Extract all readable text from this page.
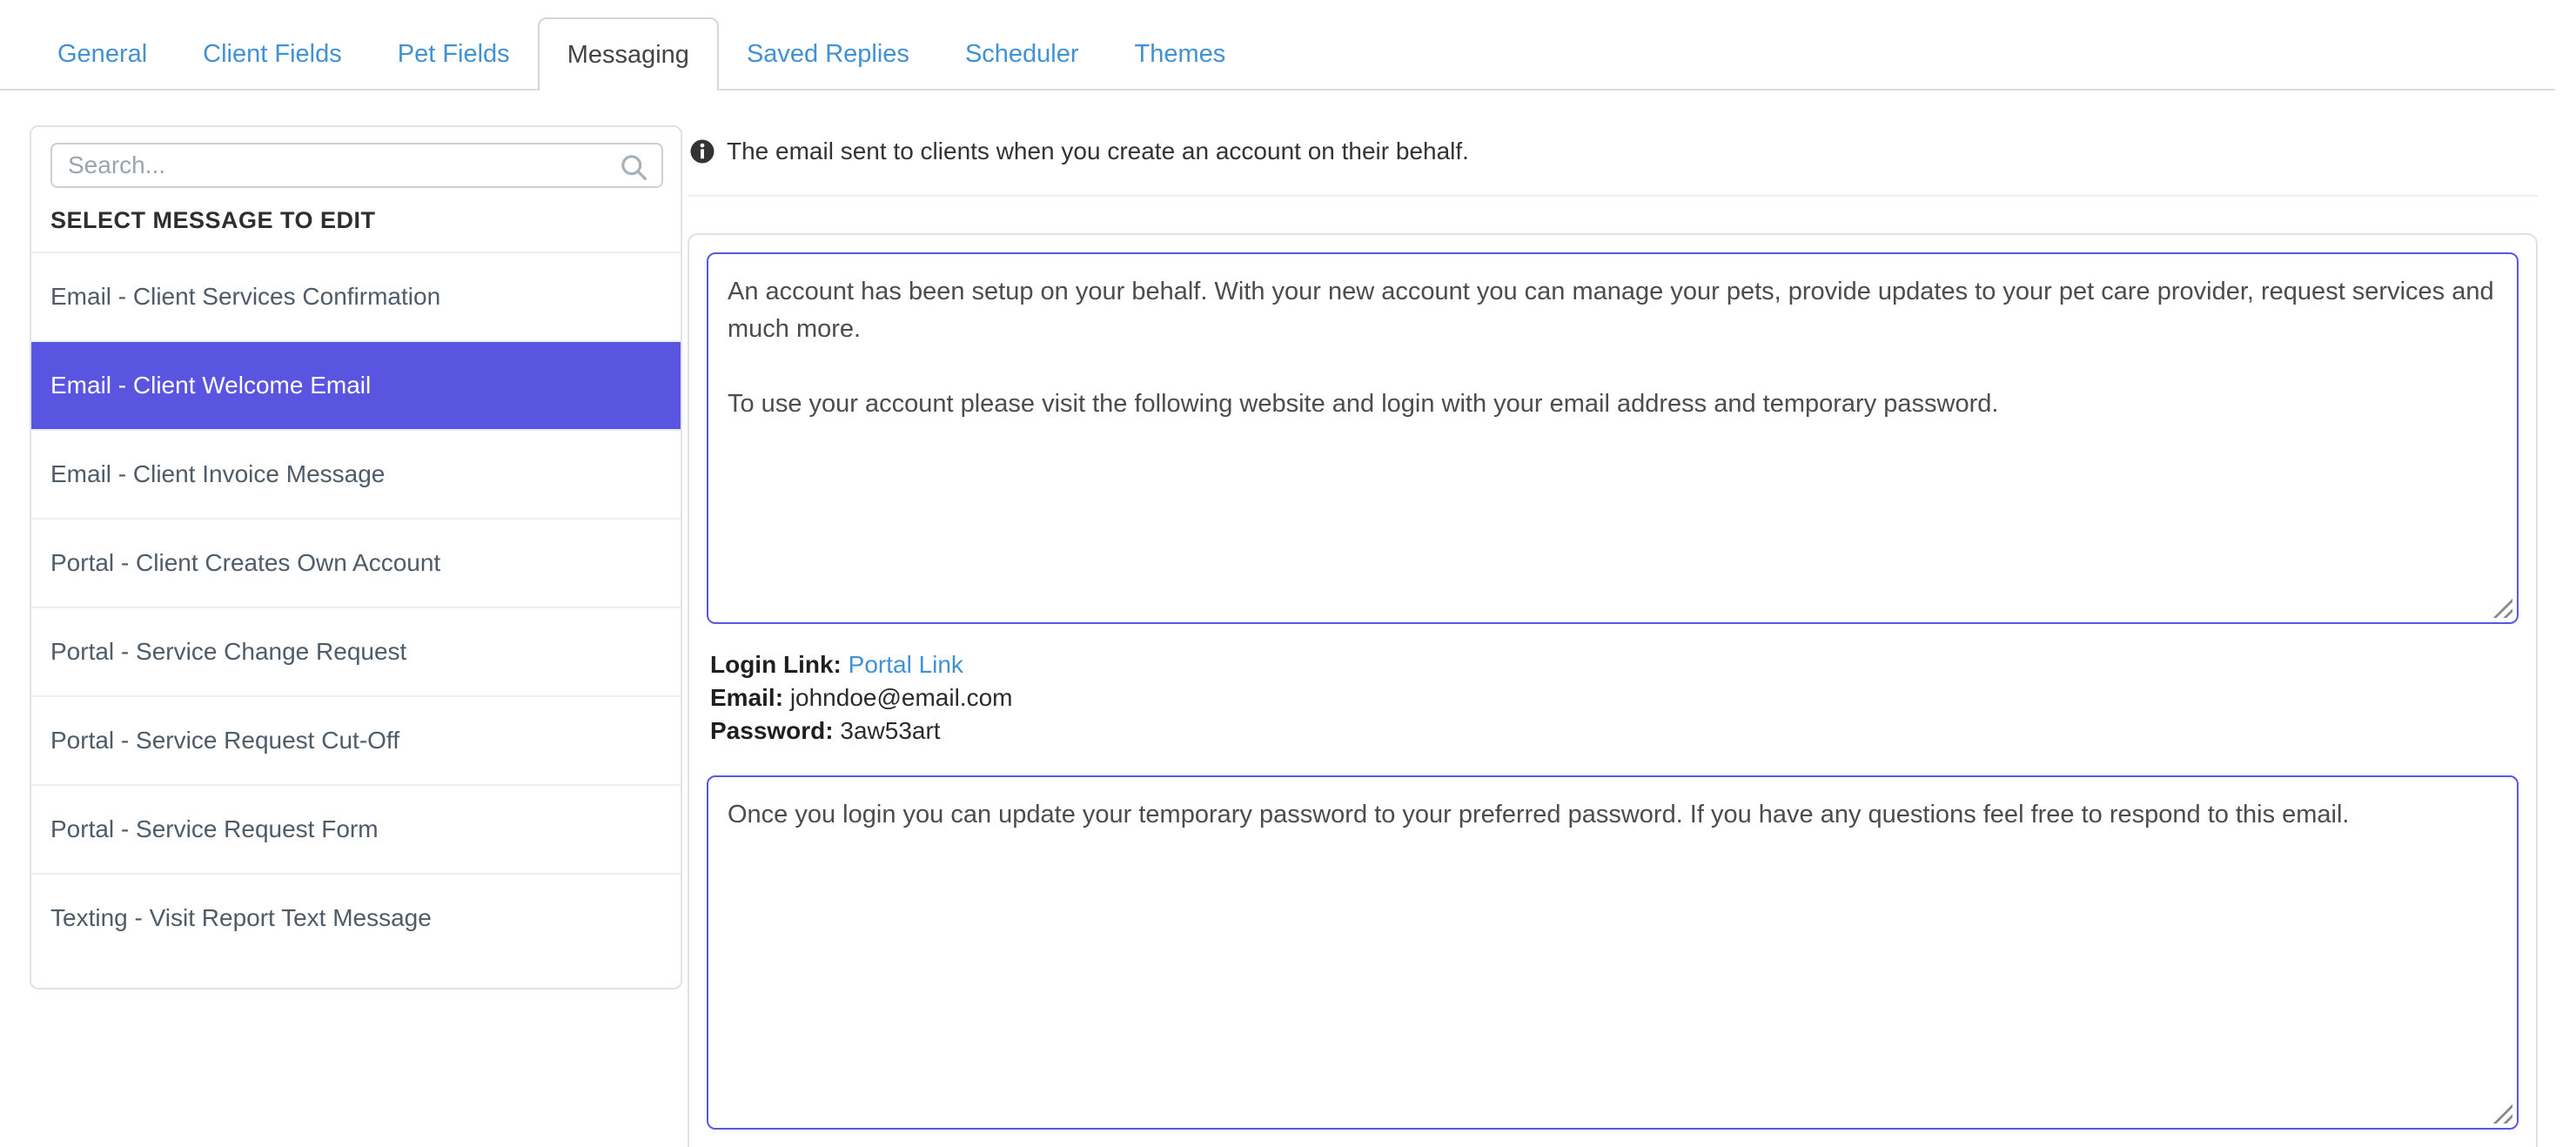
General	Client Fields	Pet Fields	Messaging	Saved Replies	Scheduler	Themes
Search...
SELECT MESSAGE TO EDIT
Email - Client Services Confirmation
Email - Client Welcome Email
Email - Client Invoice Message
Portal - Client Creates Own Account
Portal - Service Change Request
Portal - Service Request Cut-Off
Portal - Service Request Form
Texting - Visit Report Text Message
The email sent to clients when you create an account on their behalf.
An account has been setup on your behalf. With your new account you can manage your pets, provide updates to your pet care provider, request services and much more. To use your account please visit the following website and login with your email address and temporary password.
Login Link: Portal Link
Email: johndoe@email.com
Password: 3aw53art
Once you login you can update your temporary password to your preferred password. If you have any questions feel free to respond to this email.
